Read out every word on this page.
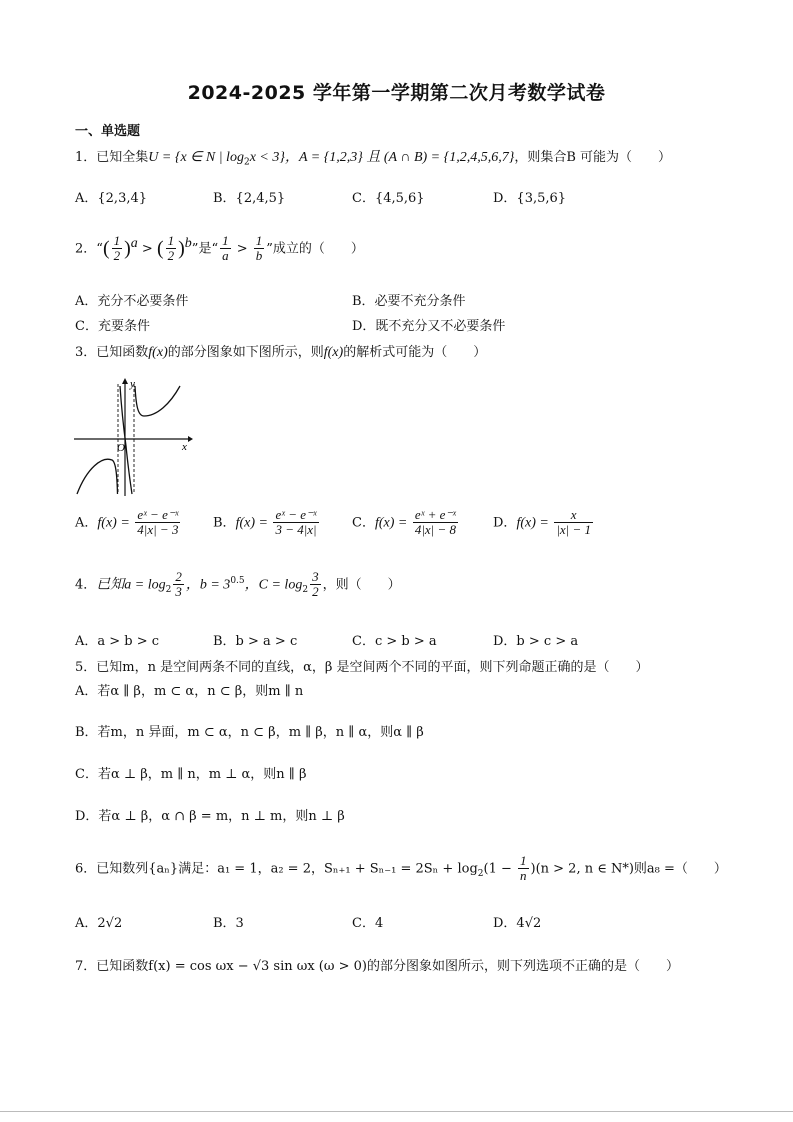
2024-2025 学年第一学期第二次月考数学试卷
一、单选题
1．已知全集U = {x ∈ N | $\log_2x < 3$}，A = {1,2,3} 且 (A ∩ B) = {1,2,4,5,6,7}，则集合B 可能为（　　）
A．{2,3,4}	B．{2,4,5}	C．{4,5,6}	D．{3,5,6}
2．“( $\frac{1}{2} )^a$ > ( $\frac{1}{2} )^b$”是“ $\frac{1}{a} > \frac{1}{b}$ ”成立的（　　）
A．充分不必要条件	B．必要不充分条件
C．充要条件	D．既不充分又不必要条件
3．已知函数f(x)的部分图象如下图所示，则f(x)的解析式可能为（　　）
y
x
O
A．$f(x) = \frac{\text{eˣ − e⁻ˣ}}{4|x| - 3}$	B．$f(x) = \frac{\text{eˣ − e⁻ˣ}}{3 - 4|x|}$	C．$f(x) = \frac{\text{eˣ + e⁻ˣ}}{4|x| - 8}$	D．$f(x) = \frac{x}{|x| - 1}$
4．已知$a = \log_2 \frac{2}{3}$ ，$b = 3^{0.5}$，$C = \log_2 \frac{3}{2}$ ，则（　　）
A．a > b > c	B．b > a > c	C．c > b > a	D．b > c > a
5．已知m，n 是空间两条不同的直线，α，β 是空间两个不同的平面，则下列命题正确的是（　　）
A．若α ∥ β，m ⊂ α，n ⊂ β，则m ∥ n
B．若m，n 异面，m ⊂ α，n ⊂ β，m ∥ β，n ∥ α，则α ∥ β
C．若α ⊥ β，m ∥ n，m ⊥ α，则n ∥ β
D．若α ⊥ β，α ∩ β = m，n ⊥ m，则n ⊥ β
6．已知数列{aₙ}满足：a₁ = 1，a₂ = 2，$S_{n+1} + S_{n-1} = 2S_n + \log_2(1 - \frac{1}{n} )(n > 2$, n ∈ N*)则a₈ =（　　）
A．2√2	B．3	C．4	D．4√2
7．已知函数f(x) = cos ωx − √3 sin ωx (ω > 0)的部分图象如图所示，则下列选项不正确的是（　　）
